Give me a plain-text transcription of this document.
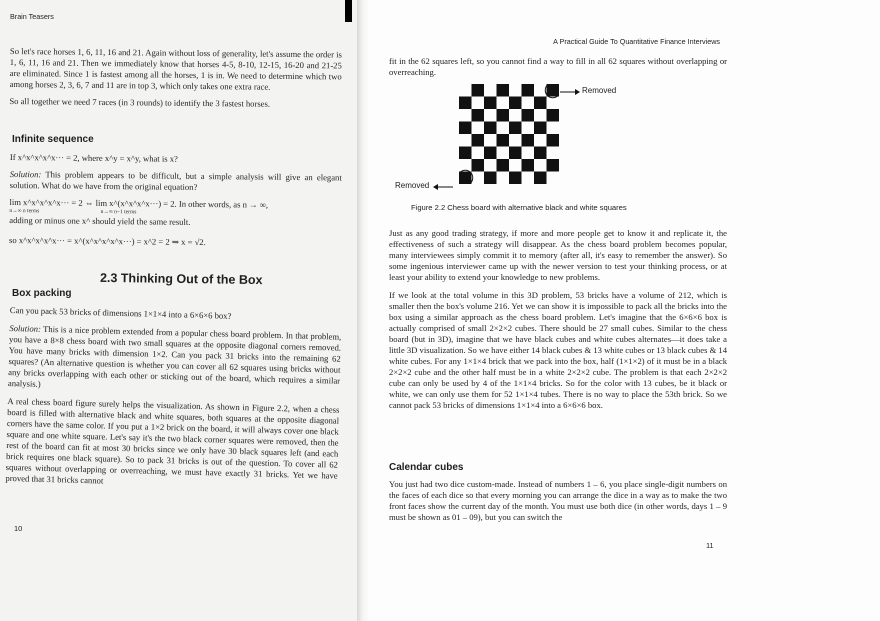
Brain Teasers

So let's race horses 1, 6, 11, 16 and 21. Again without loss of generality, let's assume the order is 1, 6, 11, 16 and 21. Then we immediately know that horses 4-5, 8-10, 12-15, 16-20 and 21-25 are eliminated. Since 1 is fastest among all the horses, 1 is in. We need to determine which two among horses 2, 3, 6, 7 and 11 are in top 3, which only takes one extra race.

So all together we need 7 races (in 3 rounds) to identify the 3 fastest horses.

Infinite sequence

If x^x^x^x^x··· = 2, where x^y = x^y, what is x?

Solution: This problem appears to be difficult, but a simple analysis will give an elegant solution. What do we have from the original equation?

lim x^x^x^x^x··· = 2 ⇔ lim x^(x^x^x^x···) = 2. In other words, as n → ∞,
n→∞ n terms	n→∞ n−1 terms

adding or minus one x^ should yield the same result.

so x^x^x^x^x··· = x^(x^x^x^x^x···) = x^2 = 2 ⇒ x = √2.
2.3 Thinking Out of the Box
Box packing

Can you pack 53 bricks of dimensions 1×1×4 into a 6×6×6 box?

Solution: This is a nice problem extended from a popular chess board problem. In that problem, you have a 8×8 chess board with two small squares at the opposite diagonal corners removed. You have many bricks with dimension 1×2. Can you pack 31 bricks into the remaining 62 squares? (An alternative question is whether you can cover all 62 squares using bricks without any bricks overlapping with each other or sticking out of the board, which requires a similar analysis.)

A real chess board figure surely helps the visualization. As shown in Figure 2.2, when a chess board is filled with alternative black and white squares, both squares at the opposite diagonal corners have the same color. If you put a 1×2 brick on the board, it will always cover one black square and one white square. Let's say it's the two black corner squares were removed, then the rest of the board can fit at most 30 bricks since we only have 30 black squares left (and each brick requires one black square). So to pack 31 bricks is out of the question. To cover all 62 squares without overlapping or overreaching, we must have exactly 31 bricks. Yet we have proved that 31 bricks cannot

10
A Practical Guide To Quantitative Finance Interviews

fit in the 62 squares left, so you cannot find a way to fill in all 62 squares without overlapping or overreaching.

Removed
Removed
Figure 2.2 Chess board with alternative black and white squares

Just as any good trading strategy, if more and more people get to know it and replicate it, the effectiveness of such a strategy will disappear. As the chess board problem becomes popular, many interviewees simply commit it to memory (after all, it's easy to remember the answer). So some ingenious interviewer came up with the newer version to test your thinking process, or at least your ability to extend your knowledge to new problems.

If we look at the total volume in this 3D problem, 53 bricks have a volume of 212, which is smaller then the box's volume 216. Yet we can show it is impossible to pack all the bricks into the box using a similar approach as the chess board problem. Let's imagine that the 6×6×6 box is actually comprised of small 2×2×2 cubes. There should be 27 small cubes. Similar to the chess board (but in 3D), imagine that we have black cubes and white cubes alternates—it does take a little 3D visualization. So we have either 14 black cubes & 13 white cubes or 13 black cubes & 14 white cubes. For any 1×1×4 brick that we pack into the box, half (1×1×2) of it must be in a black 2×2×2 cube and the other half must be in a white 2×2×2 cube. The problem is that each 2×2×2 cube can only be used by 4 of the 1×1×4 bricks. So for the color with 13 cubes, be it black or white, we can only use them for 52 1×1×4 tubes. There is no way to place the 53th brick. So we cannot pack 53 bricks of dimensions 1×1×4 into a 6×6×6 box.

Calendar cubes

You just had two dice custom-made. Instead of numbers 1 – 6, you place single-digit numbers on the faces of each dice so that every morning you can arrange the dice in a way as to make the two front faces show the current day of the month. You must use both dice (in other words, days 1 – 9 must be shown as 01 – 09), but you can switch the

11
